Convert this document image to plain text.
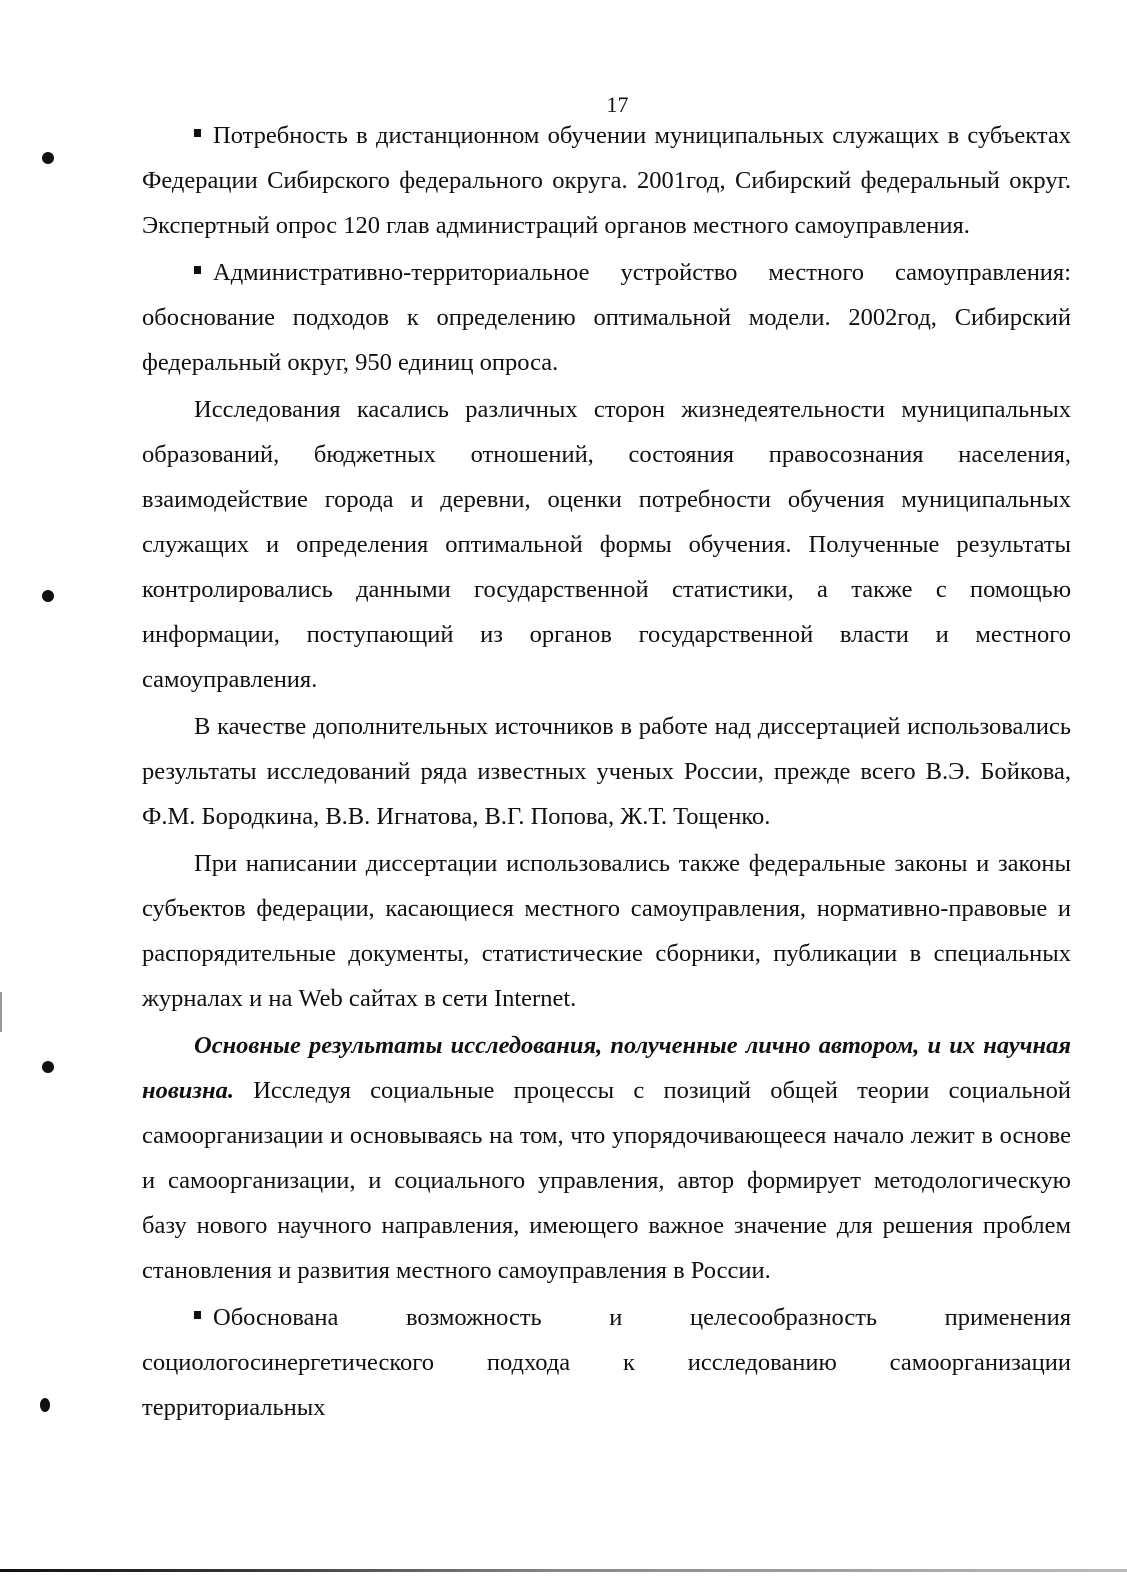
17

Потребность в дистанционном обучении муниципальных служащих в субъектах Федерации Сибирского федерального округа. 2001год, Сибирский федеральный округ. Экспертный опрос 120 глав администраций органов местного самоуправления.

Административно-территориальное устройство местного самоуправления: обоснование подходов к определению оптимальной модели. 2002год, Сибирский федеральный округ, 950 единиц опроса.

Исследования касались различных сторон жизнедеятельности муниципальных образований, бюджетных отношений, состояния правосознания населения, взаимодействие города и деревни, оценки потребности обучения муниципальных служащих и определения оптимальной формы обучения. Полученные результаты контролировались данными государственной статистики, а также с помощью информации, поступающий из органов государственной власти и местного самоуправления.

В качестве дополнительных источников в работе над диссертацией использовались результаты исследований ряда известных ученых России, прежде всего В.Э. Бойкова, Ф.М. Бородкина, В.В. Игнатова, В.Г. Попова, Ж.Т. Тощенко.

При написании диссертации использовались также федеральные законы и законы субъектов федерации, касающиеся местного самоуправления, нормативно-правовые и распорядительные документы, статистические сборники, публикации в специальных журналах и на Web сайтах в сети Internet.

Основные результаты исследования, полученные лично автором, и их научная новизна. Исследуя социальные процессы с позиций общей теории социальной самоорганизации и основываясь на том, что упорядочивающееся начало лежит в основе и самоорганизации, и социального управления, автор формирует методологическую базу нового научного направления, имеющего важное значение для решения проблем становления и развития местного самоуправления в России.

Обоснована возможность и целесообразность применения социологосинергетического подхода к исследованию самоорганизации территориальных
